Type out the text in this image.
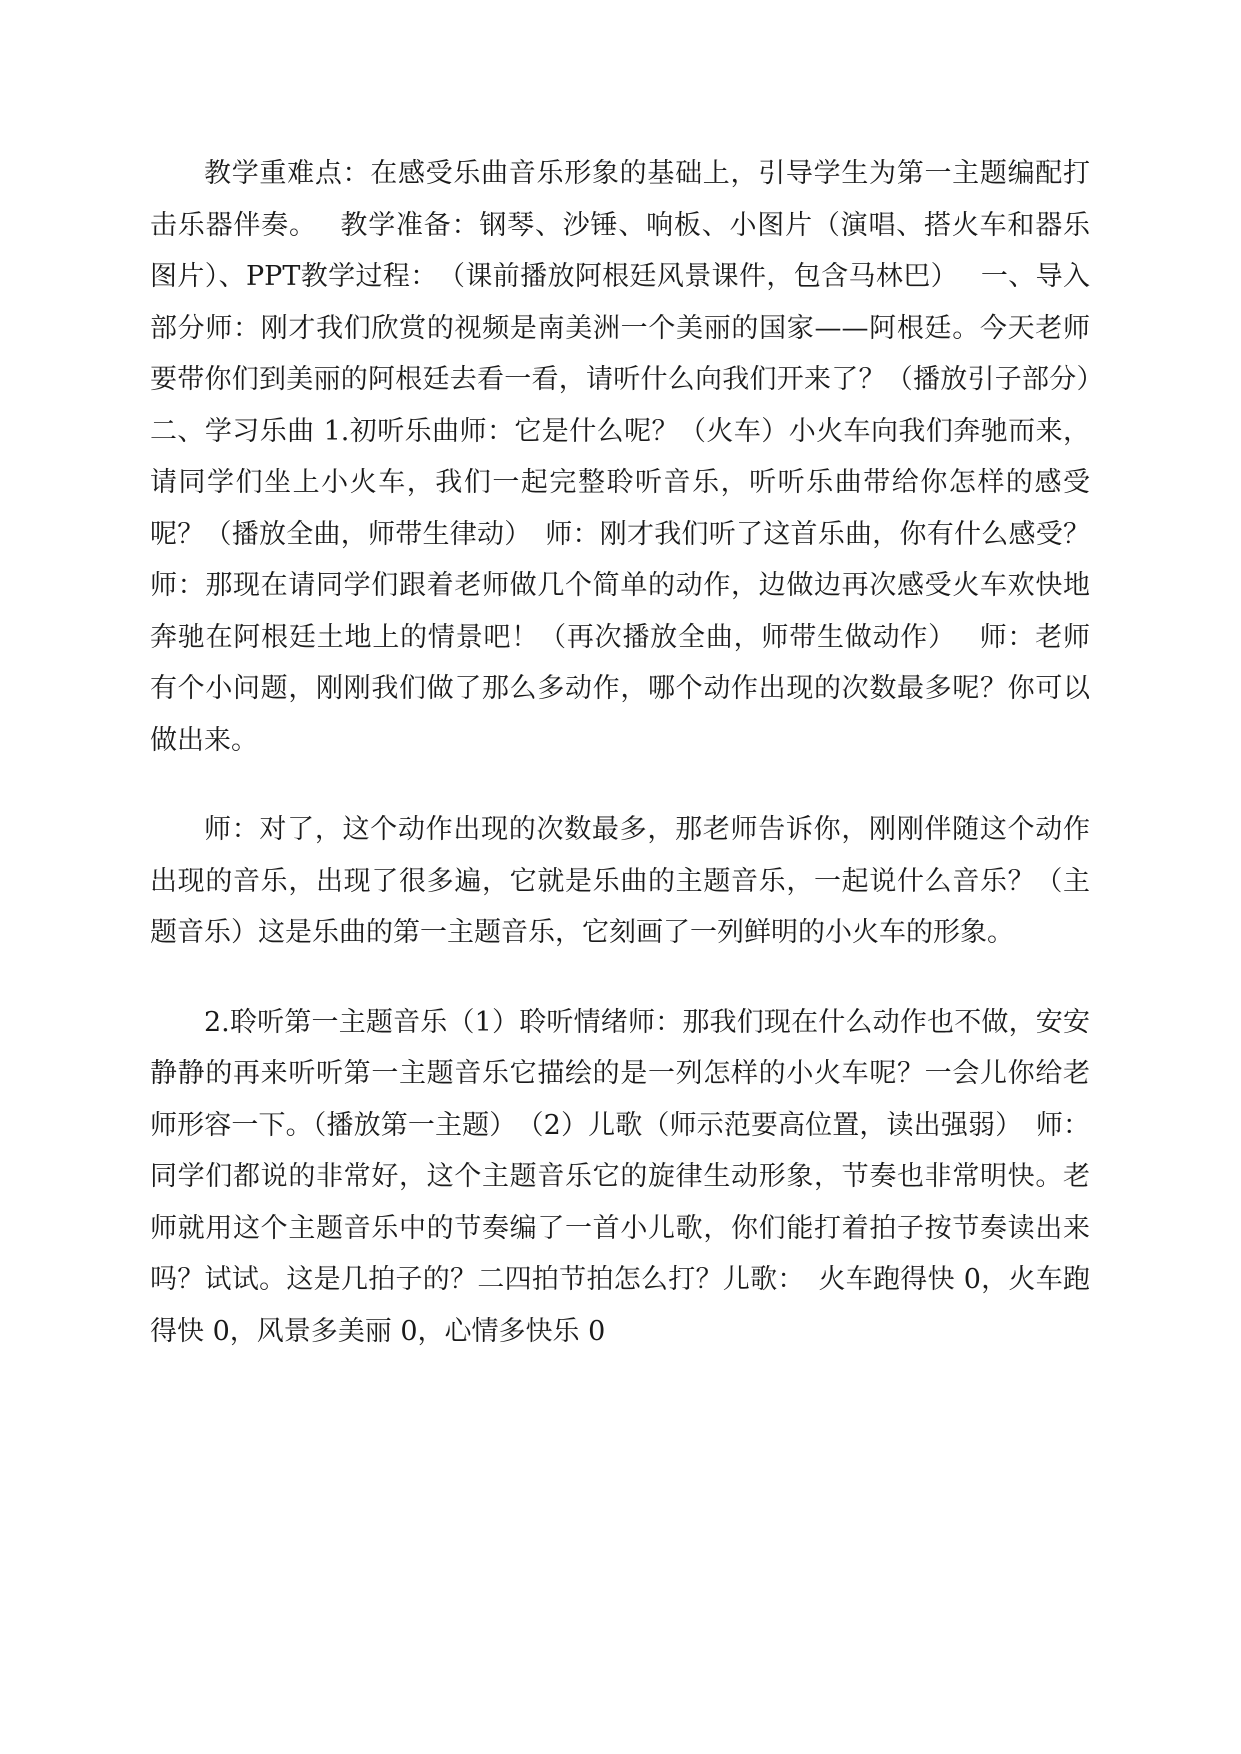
教学重难点：在感受乐曲音乐形象的基础上，引导学生为第一主题编配打击乐器伴奏。　 教学准备：钢琴、沙锤、响板、小图片（演唱、搭火车和器乐图片）、PPT教学过程：　（课前播放阿根廷风景课件，包含马林巴）　 一、导入部分师：刚才我们欣赏的视频是南美洲一个美丽的国家——阿根廷。今天老师要带你们到美丽的阿根廷去看一看，请听什么向我们开来了？（播放引子部分）　 二、学习乐曲 1.初听乐曲师：它是什么呢？（火车）小火车向我们奔驰而来，请同学们坐上小火车，我们一起完整聆听音乐，听听乐曲带给你怎样的感受呢？（播放全曲，师带生律动）　师：刚才我们听了这首乐曲，你有什么感受？师：那现在请同学们跟着老师做几个简单的动作，边做边再次感受火车欢快地奔驰在阿根廷土地上的情景吧！（再次播放全曲，师带生做动作）　 师：老师有个小问题，刚刚我们做了那么多动作，哪个动作出现的次数最多呢？你可以做出来。

师：对了，这个动作出现的次数最多，那老师告诉你，刚刚伴随这个动作出现的音乐，出现了很多遍，它就是乐曲的主题音乐，一起说什么音乐？（主题音乐）这是乐曲的第一主题音乐，它刻画了一列鲜明的小火车的形象。

2.聆听第一主题音乐（1）聆听情绪师：那我们现在什么动作也不做，安安静静的再来听听第一主题音乐它描绘的是一列怎样的小火车呢？一会儿你给老师形容一下。（播放第一主题）　（2）儿歌（师示范要高位置，读出强弱）　师：同学们都说的非常好，这个主题音乐它的旋律生动形象，节奏也非常明快。老师就用这个主题音乐中的节奏编了一首小儿歌，你们能打着拍子按节奏读出来吗？试试。这是几拍子的？二四拍节拍怎么打？儿歌：　火车跑得快 0，火车跑得快 0，风景多美丽 0，心情多快乐 0
